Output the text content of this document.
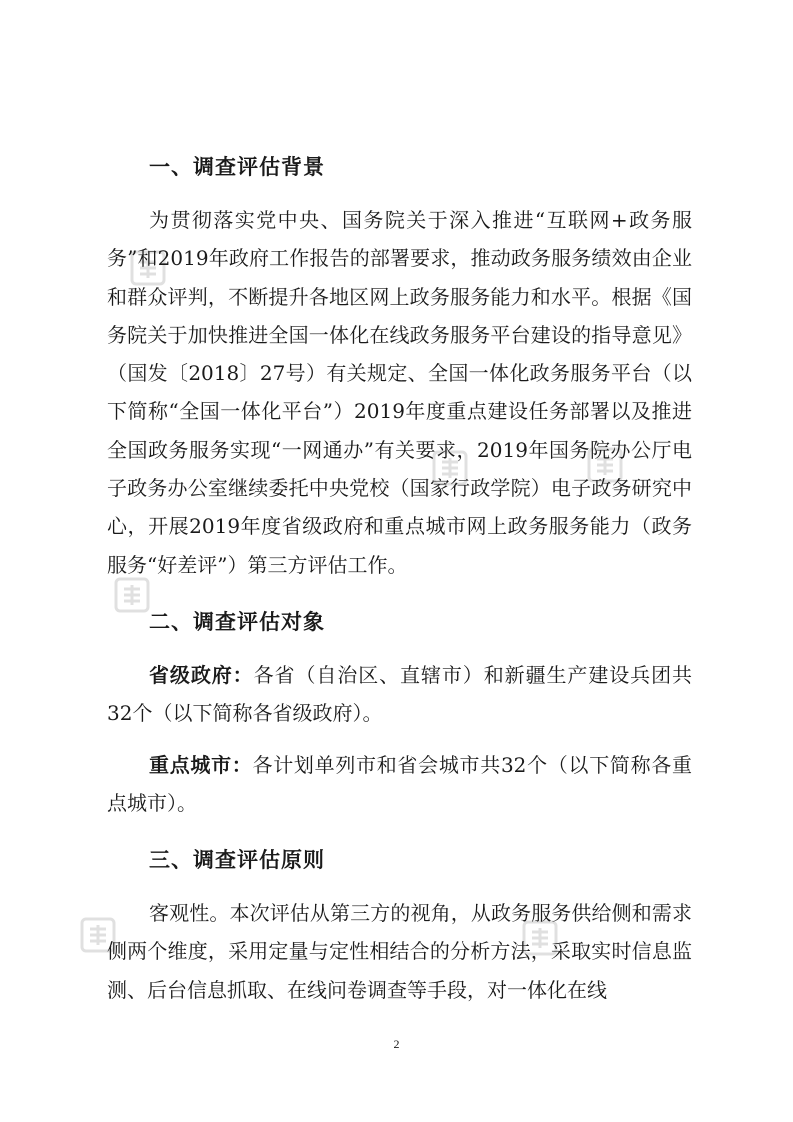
一、调查评估背景

为贯彻落实党中央、国务院关于深入推进“互联网+政务服务”和2019年政府工作报告的部署要求，推动政务服务绩效由企业和群众评判，不断提升各地区网上政务服务能力和水平。根据《国务院关于加快推进全国一体化在线政务服务平台建设的指导意见》（国发〔2018〕27号）有关规定、全国一体化政务服务平台（以下简称“全国一体化平台”）2019年度重点建设任务部署以及推进全国政务服务实现“一网通办”有关要求，2019年国务院办公厅电子政务办公室继续委托中央党校（国家行政学院）电子政务研究中心，开展2019年度省级政府和重点城市网上政务服务能力（政务服务“好差评”）第三方评估工作。

二、调查评估对象

省级政府：各省（自治区、直辖市）和新疆生产建设兵团共32个（以下简称各省级政府）。

重点城市：各计划单列市和省会城市共32个（以下简称各重点城市）。

三、调查评估原则

客观性。本次评估从第三方的视角，从政务服务供给侧和需求侧两个维度，采用定量与定性相结合的分析方法，采取实时信息监测、后台信息抓取、在线问卷调查等手段，对一体化在线

2
